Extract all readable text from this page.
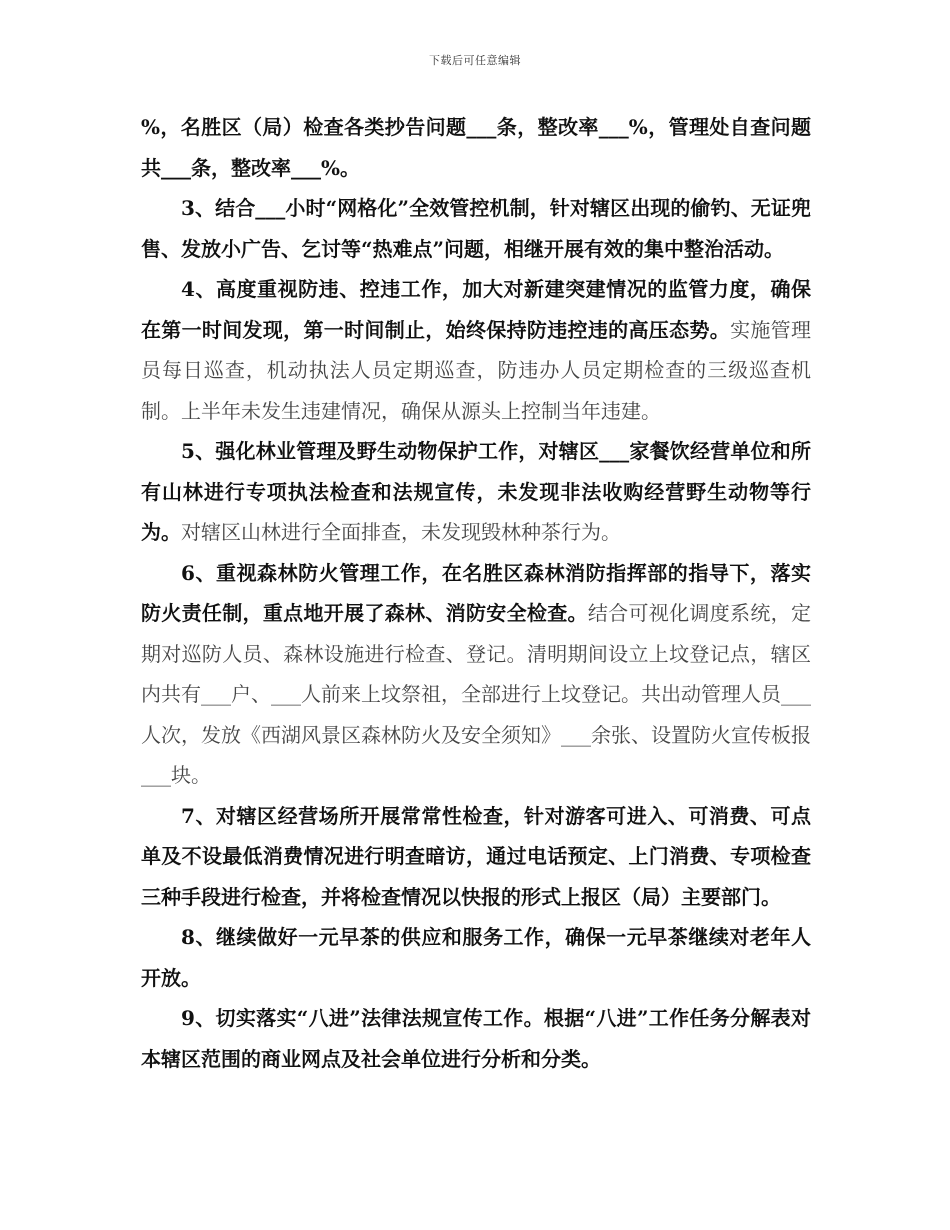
下载后可任意编辑

%，名胜区（局）检查各类抄告问题___条，整改率___%，管理处自查问题共___条，整改率___%。

3、结合___小时“网格化”全效管控机制，针对辖区出现的偷钓、无证兜售、发放小广告、乞讨等“热难点”问题，相继开展有效的集中整治活动。

4、高度重视防违、控违工作，加大对新建突建情况的监管力度，确保在第一时间发现，第一时间制止，始终保持防违控违的高压态势。实施管理员每日巡查，机动执法人员定期巡查，防违办人员定期检查的三级巡查机制。上半年未发生违建情况，确保从源头上控制当年违建。

5、强化林业管理及野生动物保护工作，对辖区___家餐饮经营单位和所有山林进行专项执法检查和法规宣传，未发现非法收购经营野生动物等行为。对辖区山林进行全面排查，未发现毁林种茶行为。

6、重视森林防火管理工作，在名胜区森林消防指挥部的指导下，落实防火责任制，重点地开展了森林、消防安全检查。结合可视化调度系统，定期对巡防人员、森林设施进行检查、登记。清明期间设立上坟登记点，辖区内共有___户、___人前来上坟祭祖，全部进行上坟登记。共出动管理人员___人次，发放《西湖风景区森林防火及安全须知》___余张、设置防火宣传板报___块。

7、对辖区经营场所开展常常性检查，针对游客可进入、可消费、可点单及不设最低消费情况进行明查暗访，通过电话预定、上门消费、专项检查三种手段进行检查，并将检查情况以快报的形式上报区（局）主要部门。

8、继续做好一元早茶的供应和服务工作，确保一元早茶继续对老年人开放。

9、切实落实“八进”法律法规宣传工作。根据“八进”工作任务分解表对本辖区范围的商业网点及社会单位进行分析和分类。
